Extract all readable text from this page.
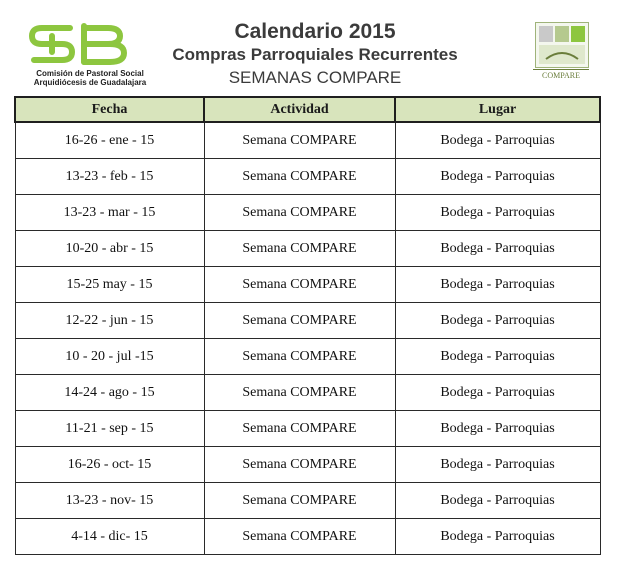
Comisión de Pastoral Social
Arquidiócesis de Guadalajara
Calendario 2015
Compras Parroquiales Recurrentes
SEMANAS COMPARE	COMPARE
Fecha	Actividad	Lugar
16-26 - ene - 15	Semana COMPARE	Bodega - Parroquias
13-23 - feb - 15	Semana COMPARE	Bodega - Parroquias
13-23 - mar - 15	Semana COMPARE	Bodega - Parroquias
10-20 - abr - 15	Semana COMPARE	Bodega - Parroquias
15-25 may - 15	Semana COMPARE	Bodega - Parroquias
12-22 - jun - 15	Semana COMPARE	Bodega - Parroquias
10 - 20 - jul -15	Semana COMPARE	Bodega - Parroquias
14-24 - ago - 15	Semana COMPARE	Bodega - Parroquias
11-21 - sep - 15	Semana COMPARE	Bodega - Parroquias
16-26 - oct- 15	Semana COMPARE	Bodega - Parroquias
13-23 - nov- 15	Semana COMPARE	Bodega - Parroquias
4-14 - dic- 15	Semana COMPARE	Bodega - Parroquias
